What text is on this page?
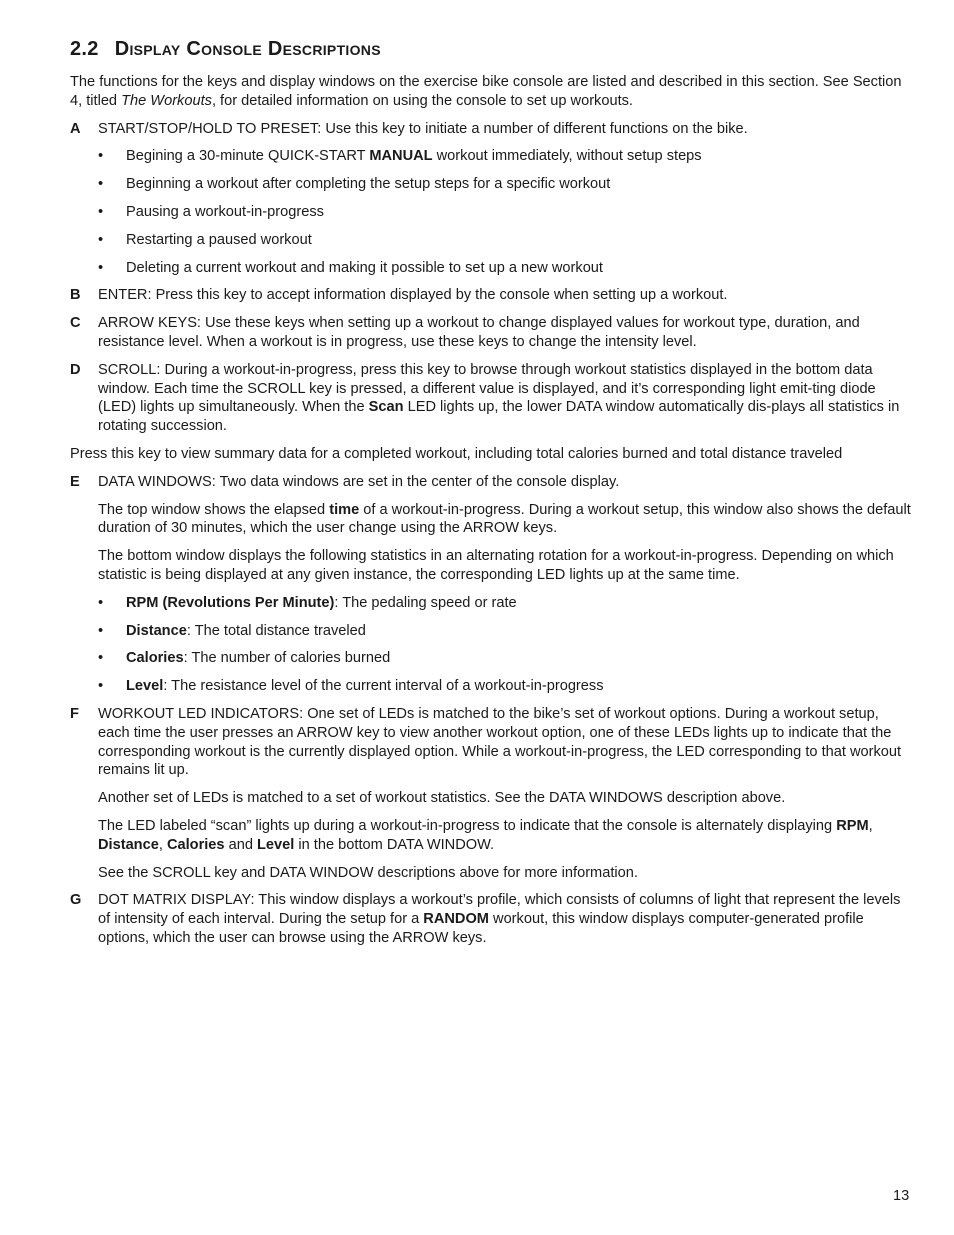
2.2 Display Console Descriptions

The functions for the keys and display windows on the exercise bike console are listed and described in this section. See Section 4, titled The Workouts, for detailed information on using the console to set up workouts.

A START/STOP/HOLD TO PRESET: Use this key to initiate a number of different functions on the bike.

• Begining a 30-minute QUICK-START MANUAL workout immediately, without setup steps
• Beginning a workout after completing the setup steps for a specific workout
• Pausing a workout-in-progress
• Restarting a paused workout
• Deleting a current workout and making it possible to set up a new workout
B ENTER: Press this key to accept information displayed by the console when setting up a workout.

C ARROW KEYS: Use these keys when setting up a workout to change displayed values for workout type, duration, and resistance level. When a workout is in progress, use these keys to change the intensity level.

D SCROLL: During a workout-in-progress, press this key to browse through workout statistics displayed in the bottom data window. Each time the SCROLL key is pressed, a different value is displayed, and it’s corresponding light emit-ting diode (LED) lights up simultaneously. When the Scan LED lights up, the lower DATA window automatically dis-plays all statistics in rotating succession.

Press this key to view summary data for a completed workout, including total calories burned and total distance traveled

E DATA WINDOWS: Two data windows are set in the center of the console display.

The top window shows the elapsed time of a workout-in-progress. During a workout setup, this window also shows the default duration of 30 minutes, which the user change using the ARROW keys.

The bottom window displays the following statistics in an alternating rotation for a workout-in-progress. Depending on which statistic is being displayed at any given instance, the corresponding LED lights up at the same time.

• RPM (Revolutions Per Minute): The pedaling speed or rate
• Distance: The total distance traveled
• Calories: The number of calories burned
• Level: The resistance level of the current interval of a workout-in-progress
F WORKOUT LED INDICATORS: One set of LEDs is matched to the bike’s set of workout options. During a workout setup, each time the user presses an ARROW key to view another workout option, one of these LEDs lights up to indicate that the corresponding workout is the currently displayed option. While a workout-in-progress, the LED corresponding to that workout remains lit up.

Another set of LEDs is matched to a set of workout statistics. See the DATA WINDOWS description above.

The LED labeled “scan” lights up during a workout-in-progress to indicate that the console is alternately displaying RPM, Distance, Calories and Level in the bottom DATA WINDOW.

See the SCROLL key and DATA WINDOW descriptions above for more information.

G DOT MATRIX DISPLAY: This window displays a workout’s profile, which consists of columns of light that represent the levels of intensity of each interval. During the setup for a RANDOM workout, this window displays computer-generated profile options, which the user can browse using the ARROW keys.

13
